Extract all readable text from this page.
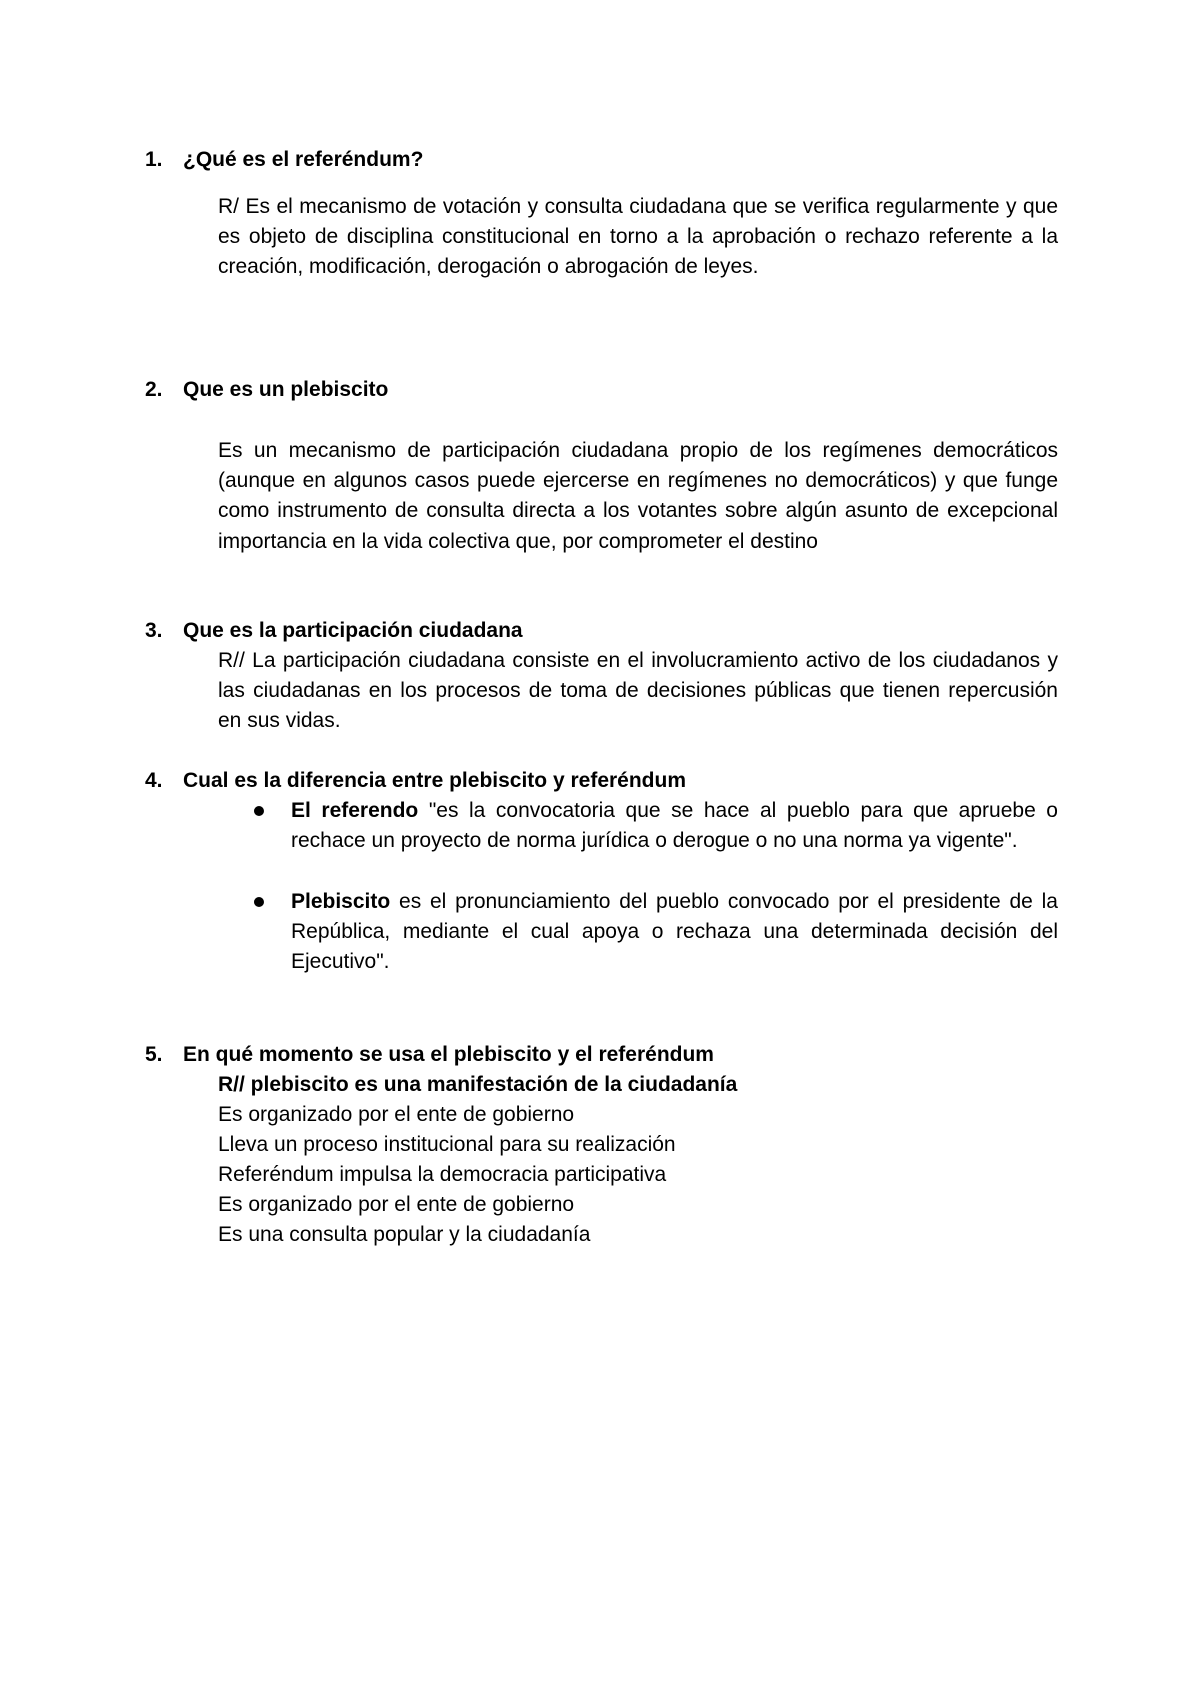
1. ¿Qué es el referéndum?
R/ Es el mecanismo de votación y consulta ciudadana que se verifica regularmente y que es objeto de disciplina constitucional en torno a la aprobación o rechazo referente a la creación, modificación, derogación o abrogación de leyes.
2. Que es un plebiscito
Es un mecanismo de participación ciudadana propio de los regímenes democráticos (aunque en algunos casos puede ejercerse en regímenes no democráticos) y que funge como instrumento de consulta directa a los votantes sobre algún asunto de excepcional importancia en la vida colectiva que, por comprometer el destino
3. Que es la participación ciudadana
R// La participación ciudadana consiste en el involucramiento activo de los ciudadanos y las ciudadanas en los procesos de toma de decisiones públicas que tienen repercusión en sus vidas.
4. Cual es la diferencia entre plebiscito y referéndum
El referendo "es la convocatoria que se hace al pueblo para que apruebe o rechace un proyecto de norma jurídica o derogue o no una norma ya vigente".
Plebiscito es el pronunciamiento del pueblo convocado por el presidente de la República, mediante el cual apoya o rechaza una determinada decisión del Ejecutivo".
5. En qué momento se usa el plebiscito y el referéndum
R// plebiscito es una manifestación de la ciudadanía
Es organizado por el ente de gobierno
Lleva un proceso institucional para su realización
Referéndum impulsa la democracia participativa
Es organizado por el ente de gobierno
Es una consulta popular y la ciudadanía
